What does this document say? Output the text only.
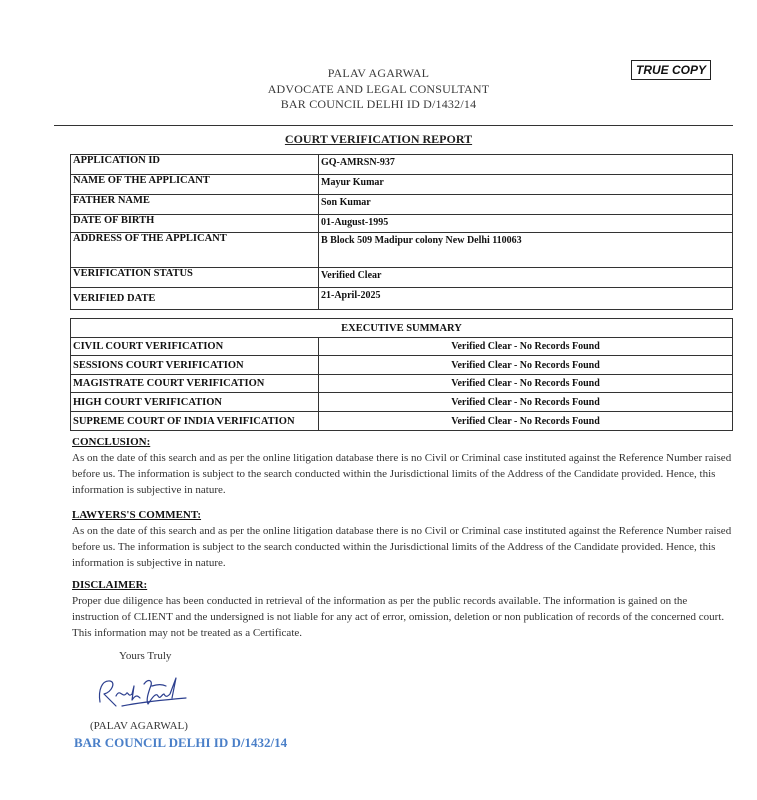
TRUE COPY
PALAV AGARWAL
ADVOCATE AND LEGAL CONSULTANT
BAR COUNCIL DELHI ID D/1432/14
COURT VERIFICATION REPORT
APPLICATION ID	GQ-AMRSN-937
NAME OF THE APPLICANT	Mayur Kumar
FATHER NAME	Son Kumar
DATE OF BIRTH	01-August-1995
ADDRESS OF THE APPLICANT	B Block 509 Madipur colony New Delhi 110063
VERIFICATION STATUS	Verified Clear
VERIFIED DATE	21-April-2025
EXECUTIVE SUMMARY	
CIVIL COURT VERIFICATION	Verified Clear - No Records Found
SESSIONS COURT VERIFICATION	Verified Clear - No Records Found
MAGISTRATE COURT VERIFICATION	Verified Clear - No Records Found
HIGH COURT VERIFICATION	Verified Clear - No Records Found
SUPREME COURT OF INDIA VERIFICATION	Verified Clear - No Records Found
CONCLUSION:
As on the date of this search and as per the online litigation database there is no Civil or Criminal case instituted against the Reference Number raised before us. The information is subject to the search conducted within the Jurisdictional limits of the Address of the Candidate provided. Hence, this information is subjective in nature.
LAWYERS'S COMMENT:
As on the date of this search and as per the online litigation database there is no Civil or Criminal case instituted against the Reference Number raised before us. The information is subject to the search conducted within the Jurisdictional limits of the Address of the Candidate provided. Hence, this information is subjective in nature.
DISCLAIMER:
Proper due diligence has been conducted in retrieval of the information as per the public records available. The information is gained on the instruction of CLIENT and the undersigned is not liable for any act of error, omission, deletion or non publication of records of the concerned court. This information may not be treated as a Certificate.
Yours Truly
(PALAV AGARWAL)
BAR COUNCIL DELHI ID D/1432/14
